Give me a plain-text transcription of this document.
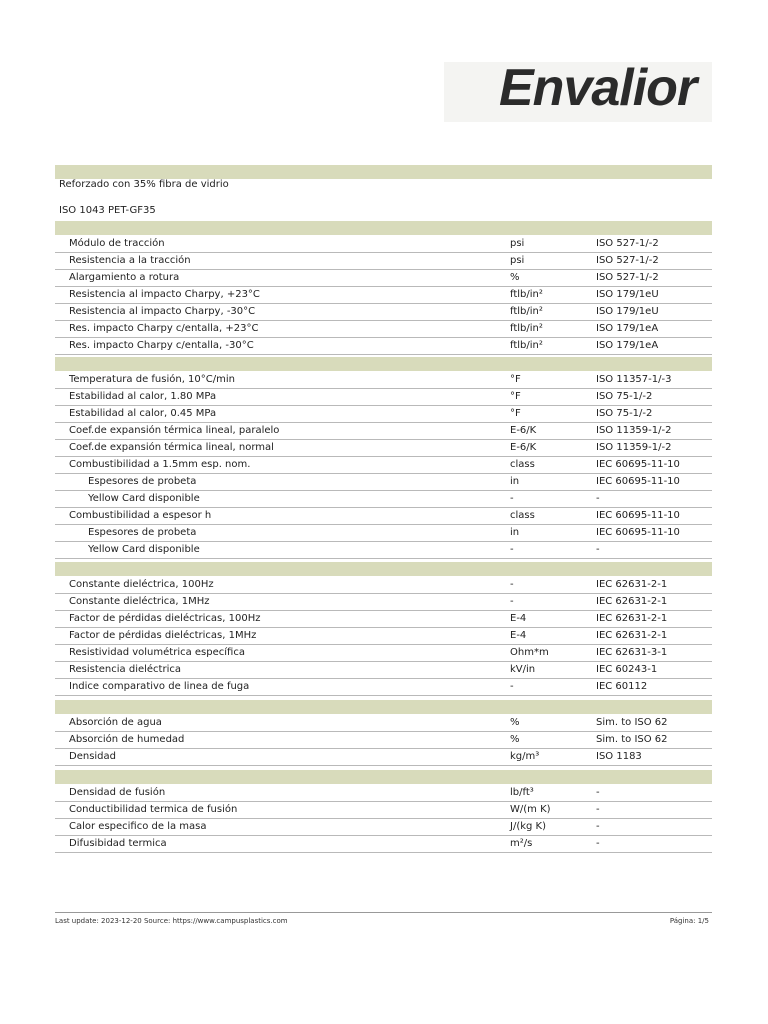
Envalior
Reforzado con 35% fibra de vidrio
ISO 1043 PET-GF35
Módulo de tracción	psi	ISO 527-1/-2
Resistencia a la tracción	psi	ISO 527-1/-2
Alargamiento a rotura	%	ISO 527-1/-2
Resistencia al impacto Charpy, +23°C	ftlb/in²	ISO 179/1eU
Resistencia al impacto Charpy, -30°C	ftlb/in²	ISO 179/1eU
Res. impacto Charpy c/entalla, +23°C	ftlb/in²	ISO 179/1eA
Res. impacto Charpy c/entalla, -30°C	ftlb/in²	ISO 179/1eA
Temperatura de fusión, 10°C/min	°F	ISO 11357-1/-3
Estabilidad al calor, 1.80 MPa	°F	ISO 75-1/-2
Estabilidad al calor, 0.45 MPa	°F	ISO 75-1/-2
Coef.de expansión térmica lineal, paralelo	E-6/K	ISO 11359-1/-2
Coef.de expansión térmica lineal, normal	E-6/K	ISO 11359-1/-2
Combustibilidad a 1.5mm esp. nom.	class	IEC 60695-11-10
Espesores de probeta	in	IEC 60695-11-10
Yellow Card disponible	-	-
Combustibilidad a espesor h	class	IEC 60695-11-10
Espesores de probeta	in	IEC 60695-11-10
Yellow Card disponible	-	-
Constante dieléctrica, 100Hz	-	IEC 62631-2-1
Constante dieléctrica, 1MHz	-	IEC 62631-2-1
Factor de pérdidas dieléctricas, 100Hz	E-4	IEC 62631-2-1
Factor de pérdidas dieléctricas, 1MHz	E-4	IEC 62631-2-1
Resistividad volumétrica específica	Ohm*m	IEC 62631-3-1
Resistencia dieléctrica	kV/in	IEC 60243-1
Indice comparativo de linea de fuga	-	IEC 60112
Absorción de agua	%	Sim. to ISO 62
Absorción de humedad	%	Sim. to ISO 62
Densidad	kg/m³	ISO 1183
Densidad de fusión	lb/ft³	-
Conductibilidad termica de fusión	W/(m K)	-
Calor especifico de la masa	J/(kg K)	-
Difusibidad termica	m²/s	-
Last update: 2023-12-20 Source: https://www.campusplastics.com	Página: 1/5
